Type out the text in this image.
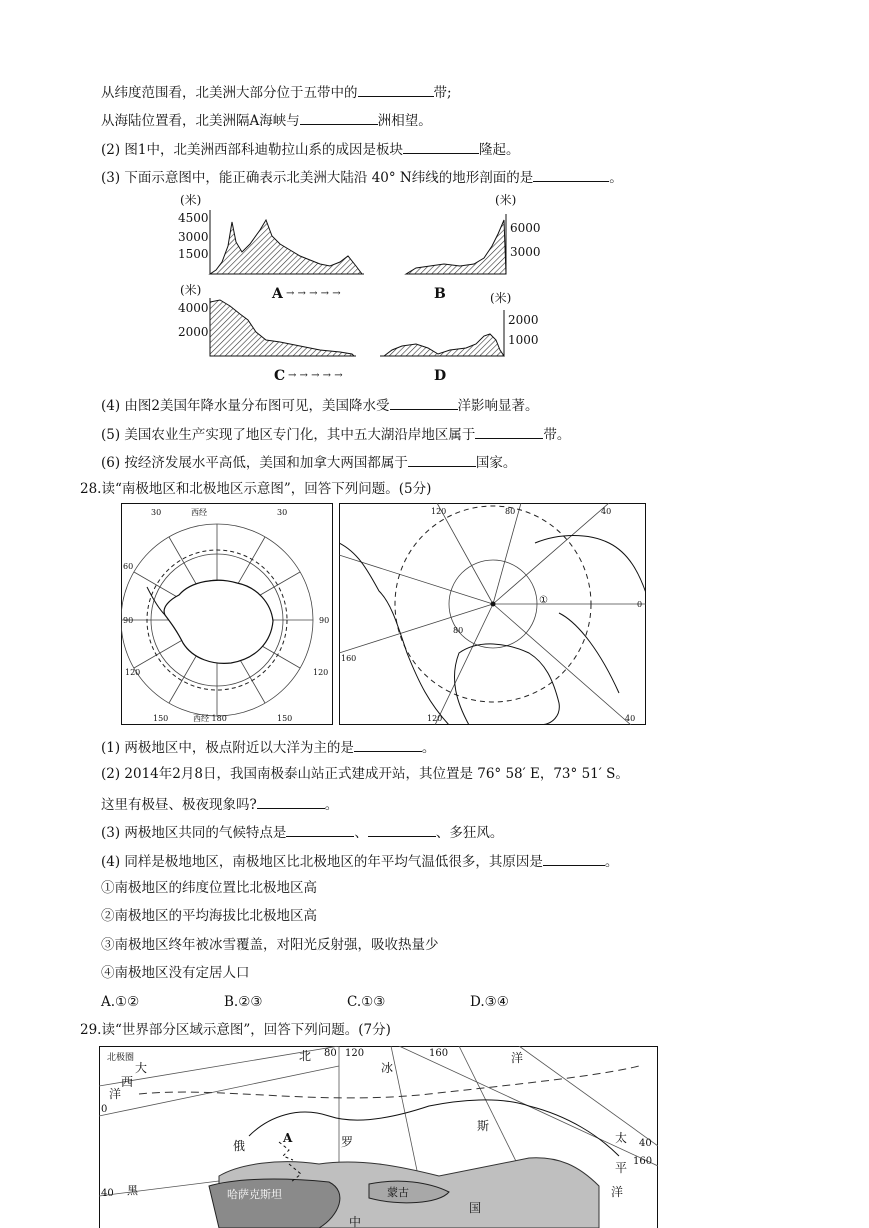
从纬度范围看，北美洲大部分位于五带中的	带;
从海陆位置看，北美洲隔A海峡与	洲相望。
(2) 图1中，北美洲西部科迪勒拉山系的成因是板块	隆起。
(3) 下面示意图中，能正确表示北美洲大陆沿 40° N纬线的地形剖面的是	。
(米)
4500
3000
1500
(米)
6000
3000
A → → → → →	B
(米)
4000
2000
(米)
2000
1000
C → → → → →	D
(4) 由图2美国年降水量分布图可见，美国降水受	洋影响显著。
(5) 美国农业生产实现了地区专门化，其中五大湖沿岸地区属于	带。
(6) 按经济发展水平高低，美国和加拿大两国都属于	国家。
28.读“南极地区和北极地区示意图”，回答下列问题。(5分)
30	西经	30
60
90	90
120	120
150	西经 180	150
120	80	40
160
80
120	40
0
①
(1) 两极地区中，极点附近以大洋为主的是	。
(2) 2014年2月8日，我国南极泰山站正式建成开站，其位置是 76° 58′ E，73° 51′ S。
这里有极昼、极夜现象吗?	。
(3) 两极地区共同的气候特点是	、	、多狂风。
(4) 同样是极地地区，南极地区比北极地区的年平均气温低很多，其原因是	。
①南极地区的纬度位置比北极地区高
②南极地区的平均海拔比北极地区高
③南极地区终年被冰雪覆盖，对阳光反射强，吸收热量少
④南极地区没有定居人口
A.①②	B.②③	C.①③	D.③④
29.读“世界部分区域示意图”，回答下列问题。(7分)
北极圈
西
大
洋
0
北 80 120	160
冰
洋
俄
A	罗
斯
太 40
平 160
洋
哈萨克斯坦	蒙古
中
国
40 黑
